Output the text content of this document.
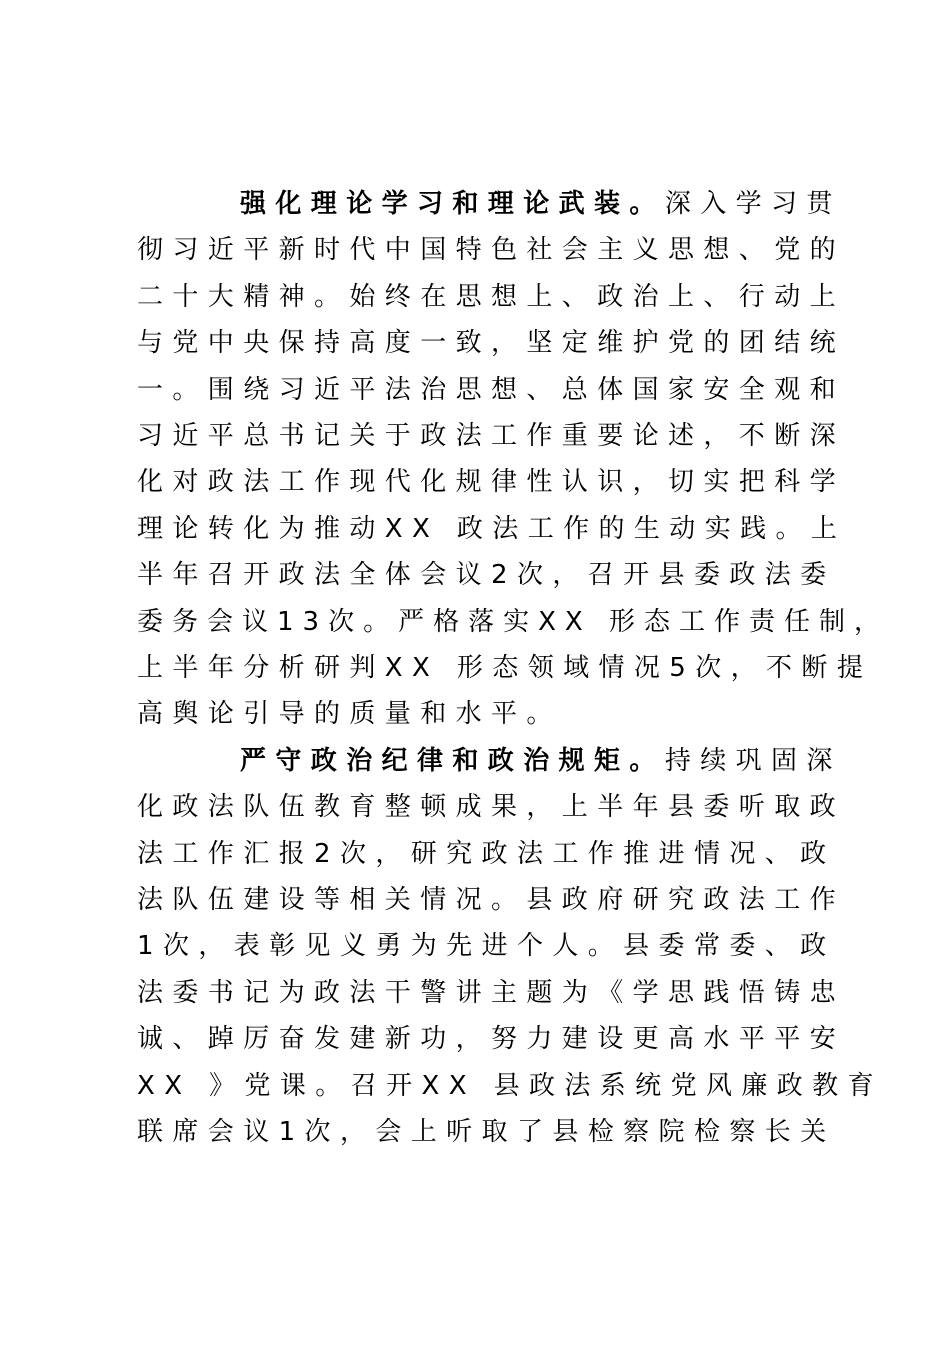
强化理论学习和理论武装。深入学习贯
彻习近平新时代中国特色社会主义思想、党的
二十大精神。始终在思想上、政治上、行动上
与党中央保持高度一致，坚定维护党的团结统
一。围绕习近平法治思想、总体国家安全观和
习近平总书记关于政法工作重要论述，不断深
化对政法工作现代化规律性认识，切实把科学
理论转化为推动XX 政法工作的生动实践。上
半年召开政法全体会议2次，召开县委政法委
委务会议13次。严格落实XX 形态工作责任制，
上半年分析研判XX 形态领域情况5次，不断提
高舆论引导的质量和水平。
严守政治纪律和政治规矩。持续巩固深
化政法队伍教育整顿成果，上半年县委听取政
法工作汇报2次，研究政法工作推进情况、政
法队伍建设等相关情况。县政府研究政法工作
1次，表彰见义勇为先进个人。县委常委、政
法委书记为政法干警讲主题为《学思践悟铸忠
诚、踔厉奋发建新功，努力建设更高水平平安
XX 》党课。召开XX 县政法系统党风廉政教育
联席会议1次，会上听取了县检察院检察长关
